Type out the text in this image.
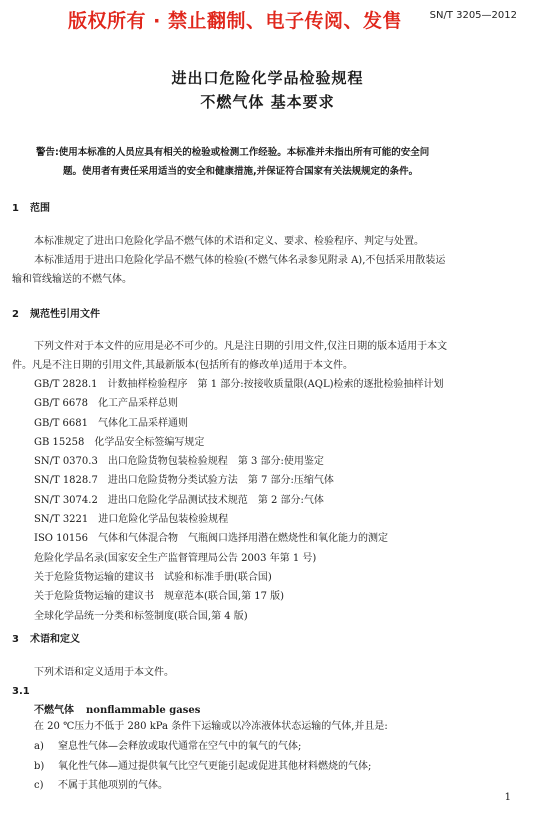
SN/T 3205—2012
版权所有 · 禁止翻制、电子传阅、发售
进出口危险化学品检验规程
不燃气体 基本要求
警告:使用本标准的人员应具有相关的检验或检测工作经验。本标准并未指出所有可能的安全问
题。使用者有责任采用适当的安全和健康措施,并保证符合国家有关法规规定的条件。
1 范围
本标准规定了进出口危险化学品不燃气体的术语和定义、要求、检验程序、判定与处置。
本标准适用于进出口危险化学品不燃气体的检验(不燃气体名录参见附录 A),不包括采用散装运
输和管线输送的不燃气体。
2 规范性引用文件
下列文件对于本文件的应用是必不可少的。凡是注日期的引用文件,仅注日期的版本适用于本文
件。凡是不注日期的引用文件,其最新版本(包括所有的修改单)适用于本文件。
GB/T 2828.1 计数抽样检验程序 第 1 部分:按接收质量限(AQL)检索的逐批检验抽样计划
GB/T 6678 化工产品采样总则
GB/T 6681 气体化工品采样通则
GB 15258 化学品安全标签编写规定
SN/T 0370.3 出口危险货物包装检验规程 第 3 部分:使用鉴定
SN/T 1828.7 进出口危险货物分类试验方法 第 7 部分:压缩气体
SN/T 3074.2 进出口危险化学品测试技术规范 第 2 部分:气体
SN/T 3221 进口危险化学品包装检验规程
ISO 10156 气体和气体混合物 气瓶阀口选择用潜在燃烧性和氧化能力的测定
危险化学品名录(国家安全生产监督管理局公告 2003 年第 1 号)
关于危险货物运输的建议书 试验和标准手册(联合国)
关于危险货物运输的建议书 规章范本(联合国,第 17 版)
全球化学品统一分类和标签制度(联合国,第 4 版)
3 术语和定义
下列术语和定义适用于本文件。
3.1
不燃气体 nonflammable gases
在 20 ℃压力不低于 280 kPa 条件下运输或以冷冻液体状态运输的气体,并且是:
a) 窒息性气体—会释放或取代通常在空气中的氧气的气体;
b) 氧化性气体—通过提供氧气比空气更能引起或促进其他材料燃烧的气体;
c) 不属于其他项别的气体。
1
